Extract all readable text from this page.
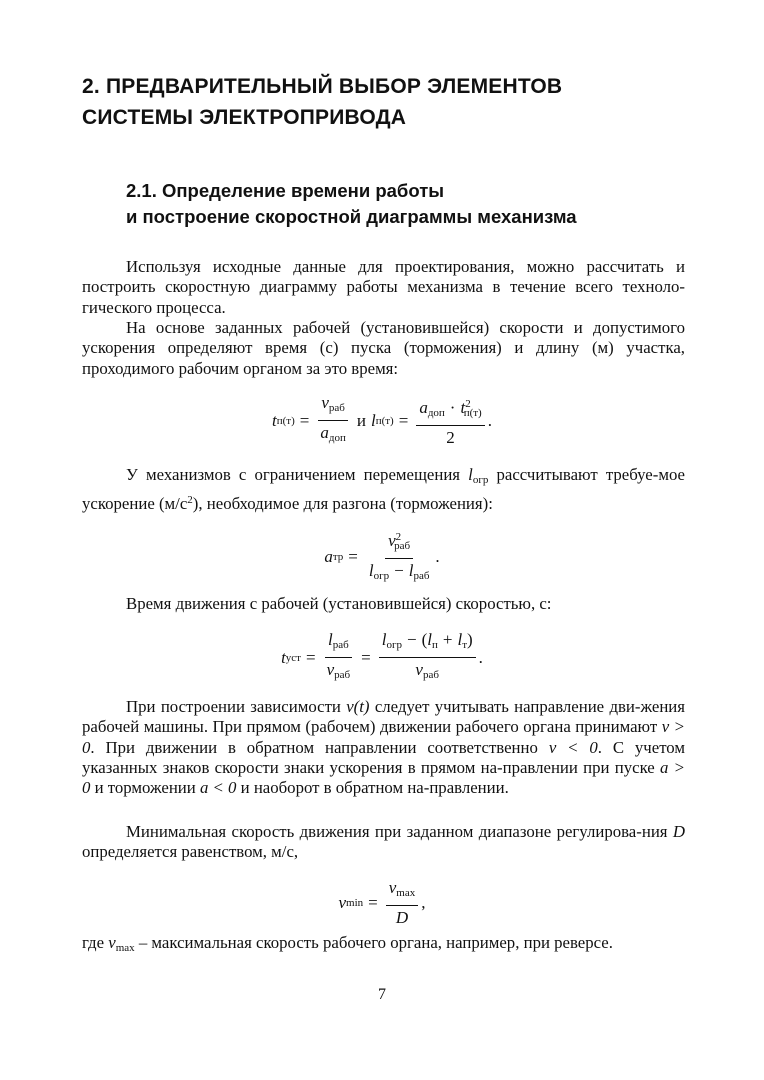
2. ПРЕДВАРИТЕЛЬНЫЙ ВЫБОР ЭЛЕМЕНТОВ
СИСТЕМЫ ЭЛЕКТРОПРИВОДА
2.1. Определение времени работы
и построение скоростной диаграммы механизма

Используя исходные данные для проектирования, можно рассчитать и построить скоростную диаграмму работы механизма в течение всего техноло-гического процесса.

На основе заданных рабочей (установившейся) скорости и допустимого ускорения определяют время (с) пуска (торможения) и длину (м) участка, проходимого рабочим органом за это время:

t $п(т) = \frac{v_{раб}}{a_{доп}}$ и l $п(т) = \frac{a_{доп} \cdot t^2_{п(т)}}{2}$ .

У механизмов с ограничением перемещения $l_{огр}$ рассчитывают требуе-мое ускорение $(м/с^2)$, необходимое для разгона (торможения):

a тр = $\frac{v^2_{раб}}{l_{огр} - l_{раб}}$ .

Время движения с рабочей (установившейся) скоростью, с:

t уст = $\frac{l_{раб}}{v_{раб}} = \frac{l_{огр} - (l_п + l_т)}{v_{раб}}$ .

При построении зависимости v(t) следует учитывать направление дви-жения рабочей машины. При прямом (рабочем) движении рабочего органа принимают v > 0. При движении в обратном направлении соответственно v < 0. С учетом указанных знаков скорости знаки ускорения в прямом на-правлении при пуске a > 0 и торможении a < 0 и наоборот в обратном на-правлении.

Минимальная скорость движения при заданном диапазоне регулирова-ния D определяется равенством, м/с,

v $\min = \frac{v_{max}}{D}$ ,

где $v_{max}$ – максимальная скорость рабочего органа, например, при реверсе.

7
